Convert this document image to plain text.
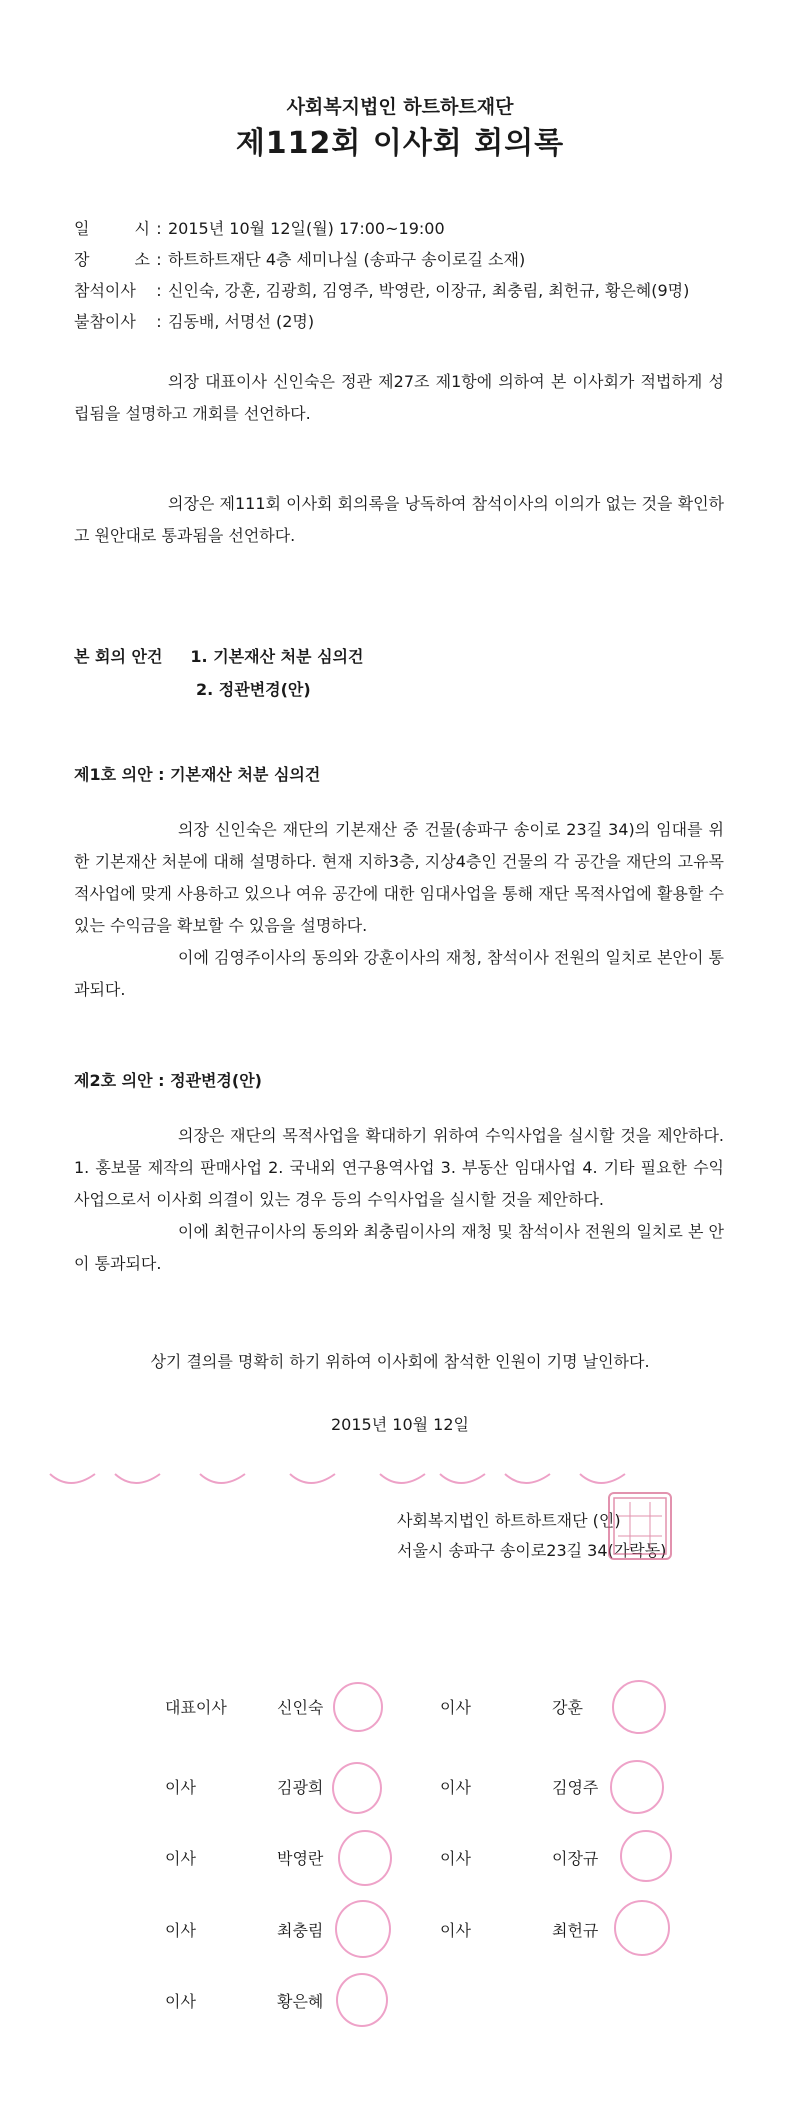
사회복지법인 하트하트재단
제112회 이사회 회의록
일 시 : 2015년 10월 12일(월) 17:00~19:00
장 소 : 하트하트재단 4층 세미나실 (송파구 송이로길 소재)
참석이사 : 신인숙, 강훈, 김광희, 김영주, 박영란, 이장규, 최충림, 최헌규, 황은혜(9명)
불참이사 : 김동배, 서명선 (2명)
의장 대표이사 신인숙은 정관 제27조 제1항에 의하여 본 이사회가 적법하게 성립됨을 설명하고 개회를 선언하다.
의장은 제111회 이사회 회의록을 낭독하여 참석이사의 이의가 없는 것을 확인하고 원안대로 통과됨을 선언하다.
본 회의 안건 1. 기본재산 처분 심의건
2. 정관변경(안)
제1호 의안 : 기본재산 처분 심의건
의장 신인숙은 재단의 기본재산 중 건물(송파구 송이로 23길 34)의 임대를 위한 기본재산 처분에 대해 설명하다. 현재 지하3층, 지상4층인 건물의 각 공간을 재단의 고유목적사업에 맞게 사용하고 있으나 여유 공간에 대한 임대사업을 통해 재단 목적사업에 활용할 수 있는 수익금을 확보할 수 있음을 설명하다.
이에 김영주이사의 동의와 강훈이사의 재청, 참석이사 전원의 일치로 본안이 통과되다.
제2호 의안 : 정관변경(안)
의장은 재단의 목적사업을 확대하기 위하여 수익사업을 실시할 것을 제안하다. 1. 홍보물 제작의 판매사업 2. 국내외 연구용역사업 3. 부동산 임대사업 4. 기타 필요한 수익사업으로서 이사회 의결이 있는 경우 등의 수익사업을 실시할 것을 제안하다.
이에 최헌규이사의 동의와 최충림이사의 재청 및 참석이사 전원의 일치로 본 안이 통과되다.
상기 결의를 명확히 하기 위하여 이사회에 참석한 인원이 기명 날인하다.
2015년 10월 12일
사회복지법인 하트하트재단 (인)
서울시 송파구 송이로23길 34(가락동)
대표이사	신인숙	이사	강훈
이사	김광희	이사	김영주
이사	박영란	이사	이장규
이사	최충림	이사	최헌규
이사	황은혜
